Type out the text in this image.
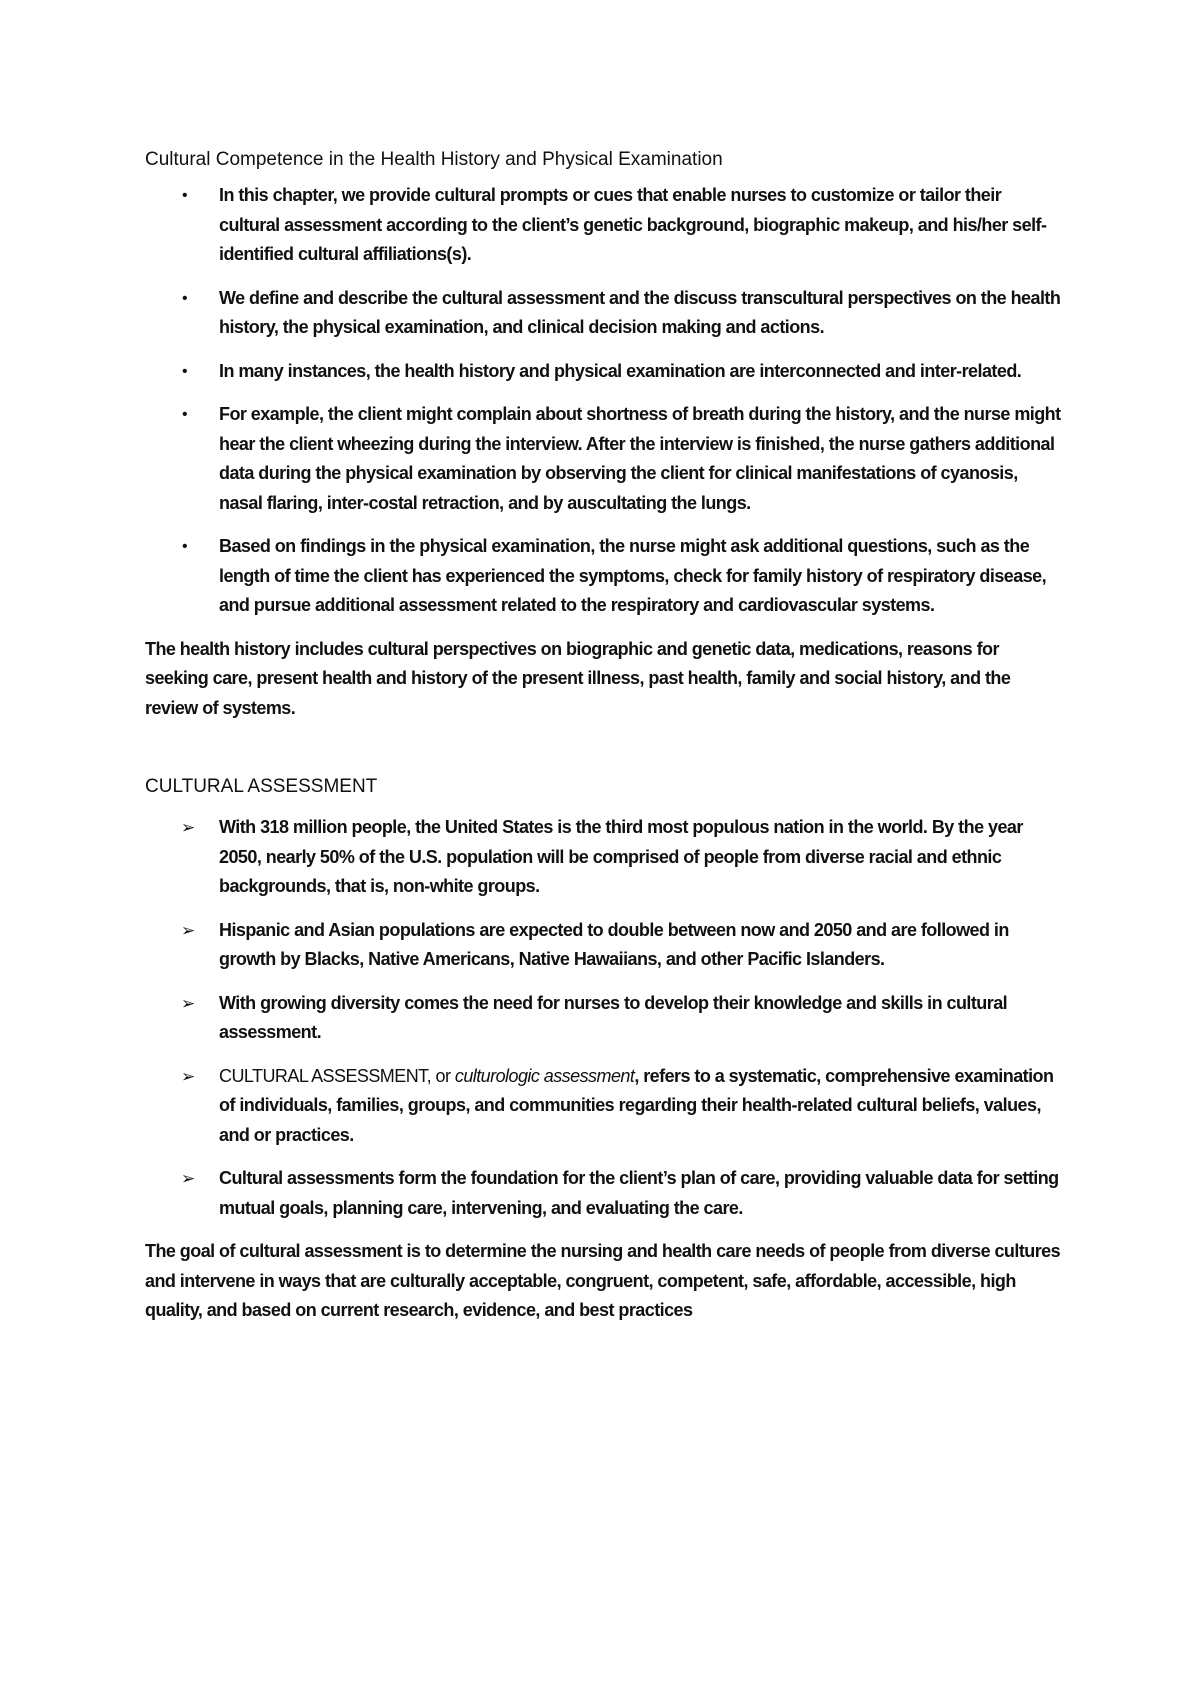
Cultural Competence in the Health History and Physical Examination
• In this chapter, we provide cultural prompts or cues that enable nurses to customize or tailor their cultural assessment according to the client’s genetic background, biographic makeup, and his/her self-identified cultural affiliations(s).
• We define and describe the cultural assessment and the discuss transcultural perspectives on the health history, the physical examination, and clinical decision making and actions.
• In many instances, the health history and physical examination are interconnected and inter-related.
• For example, the client might complain about shortness of breath during the history, and the nurse might hear the client wheezing during the interview. After the interview is finished, the nurse gathers additional data during the physical examination by observing the client for clinical manifestations of cyanosis, nasal flaring, inter-costal retraction, and by auscultating the lungs.
• Based on findings in the physical examination, the nurse might ask additional questions, such as the length of time the client has experienced the symptoms, check for family history of respiratory disease, and pursue additional assessment related to the respiratory and cardiovascular systems.

The health history includes cultural perspectives on biographic and genetic data, medications, reasons for seeking care, present health and history of the present illness, past health, family and social history, and the review of systems.

CULTURAL ASSESSMENT
➢ With 318 million people, the United States is the third most populous nation in the world. By the year 2050, nearly 50% of the U.S. population will be comprised of people from diverse racial and ethnic backgrounds, that is, non-white groups.
➢ Hispanic and Asian populations are expected to double between now and 2050 and are followed in growth by Blacks, Native Americans, Native Hawaiians, and other Pacific Islanders.
➢ With growing diversity comes the need for nurses to develop their knowledge and skills in cultural assessment.
➢ CULTURAL ASSESSMENT, or culturologic assessment, refers to a systematic, comprehensive examination of individuals, families, groups, and communities regarding their health-related cultural beliefs, values, and or practices.
➢ Cultural assessments form the foundation for the client’s plan of care, providing valuable data for setting mutual goals, planning care, intervening, and evaluating the care.

The goal of cultural assessment is to determine the nursing and health care needs of people from diverse cultures and intervene in ways that are culturally acceptable, congruent, competent, safe, affordable, accessible, high quality, and based on current research, evidence, and best practices
